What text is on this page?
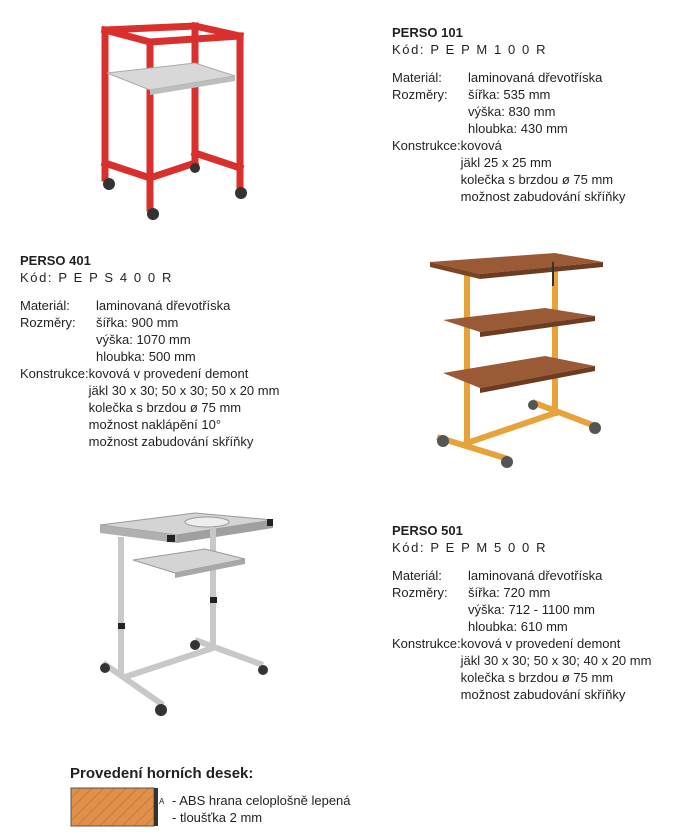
PERSO 101
Kód: P E P M 1 0 0 R
Materiál:	laminovaná dřevotříska
Rozměry:	šířka: 535 mm
výška: 830 mm
hloubka: 430 mm
Konstrukce: kovová
jäkl 25 x 25 mm
kolečka s brzdou ø 75 mm
možnost zabudování skříňky
PERSO 401
Kód: P E P S 4 0 0 R
Materiál:	laminovaná dřevotříska
Rozměry:	šířka: 900 mm
výška: 1070 mm
hloubka: 500 mm
Konstrukce: kovová v provedení demont
jäkl 30 x 30; 50 x 30; 50 x 20 mm
kolečka s brzdou ø 75 mm
možnost naklápění 10°
možnost zabudování skříňky
PERSO 501
Kód: P E P M 5 0 0 R
Materiál:	laminovaná dřevotříska
Rozměry:	šířka: 720 mm
výška: 712 - 1100 mm
hloubka: 610 mm
Konstrukce: kovová v provedení demont
jäkl 30 x 30; 50 x 30; 40 x 20 mm
kolečka s brzdou ø 75 mm
možnost zabudování skříňky
Provedení horních desek:
A - ABS hrana celoplošně lepená
- tloušťka 2 mm
